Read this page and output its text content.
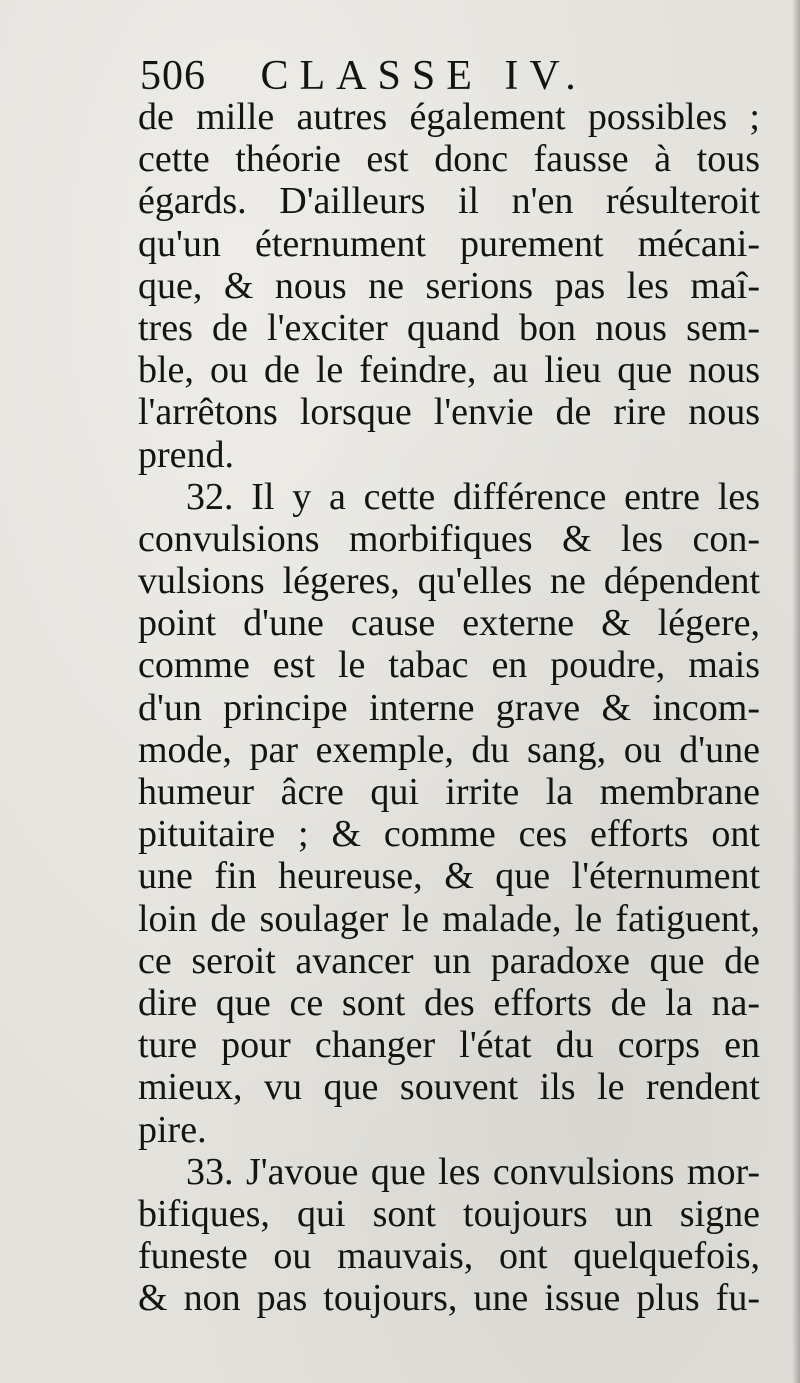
506 CLASSE IV.
de mille autres également possibles ;
cette théorie est donc fausse à tous
égards. D'ailleurs il n'en résulteroit
qu'un éternument purement mécani-
que, & nous ne serions pas les maî-
tres de l'exciter quand bon nous sem-
ble, ou de le feindre, au lieu que nous
l'arrêtons lorsque l'envie de rire nous
prend.
32. Il y a cette différence entre les
convulsions morbifiques & les con-
vulsions légeres, qu'elles ne dépendent
point d'une cause externe & légere,
comme est le tabac en poudre, mais
d'un principe interne grave & incom-
mode, par exemple, du sang, ou d'une
humeur âcre qui irrite la membrane
pituitaire ; & comme ces efforts ont
une fin heureuse, & que l'éternument
loin de soulager le malade, le fatiguent,
ce seroit avancer un paradoxe que de
dire que ce sont des efforts de la na-
ture pour changer l'état du corps en
mieux, vu que souvent ils le rendent
pire.
33. J'avoue que les convulsions mor-
bifiques, qui sont toujours un signe
funeste ou mauvais, ont quelquefois,
& non pas toujours, une issue plus fu-
